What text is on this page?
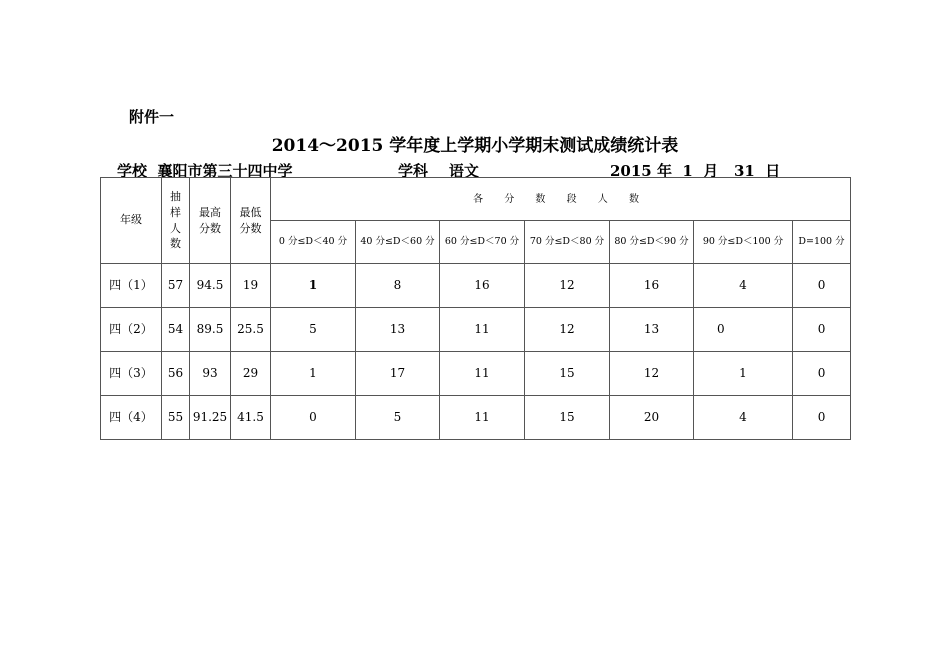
附件一
2014～2015 学年度上学期小学期末测试成绩统计表
学校 襄阳市第三十四中学	学科 语文	2015 年  1  月   31  日
年级	抽
样
人
数	最高
分数	最低
分数	各 分 数 段 人 数						
				0 分≤D＜40 分	40 分≤D＜60 分	60 分≤D＜70 分	70 分≤D＜80 分	80 分≤D＜90 分	90 分≤D＜100 分	D=100 分
四（1）	57	94.5	19	1	8	16	12	16	4	0
四（2）	54	89.5	25.5	5	13	11	12	13	0	0
四（3）	56	93	29	1	17	11	15	12	1	0
四（4）	55	91.25	41.5	0	5	11	15	20	4	0
